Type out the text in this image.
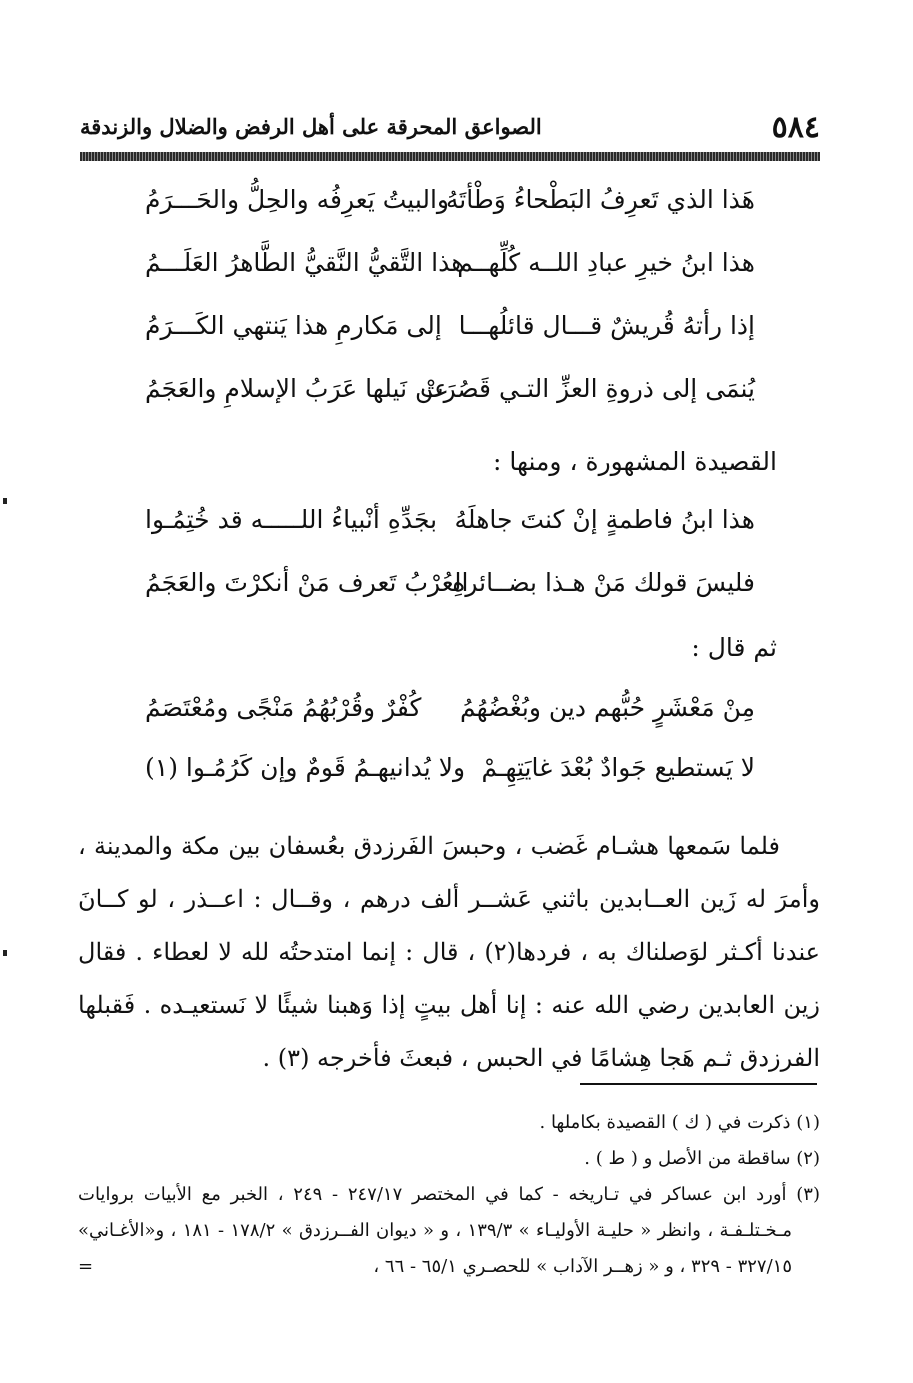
٥٨٤
الصواعق المحرقة على أهل الرفض والضلال والزندقة
هَذا الذي تَعرِفُ البَطْحاءُ وَطْأتَهُ
والبيتُ يَعرِفُه والحِلُّ والحَـــرَمُ
هذا ابنُ خيرِ عبادِ اللــه كُلِّهــم
هذا التَّقيُّ النَّقيُّ الطَّاهرُ العَلَـــمُ
إذا رأتهُ قُريشٌ قـــال قائلُهـــا
إلى مَكارمِ هذا يَنتهي الكَـــرَمُ
يُنمَى إلى ذروةِ العزِّ التـي قَصُرَتْ
عن نَيلها عَرَبُ الإسلامِ والعَجَمُ
القصيدة المشهورة ، ومنها :
هذا ابنُ فاطمةٍ إنْ كنتَ جاهلَهُ
بجَدِّهِ أنْبياءُ اللـــــه قد خُتِمُـوا
فليسَ قولك مَنْ هـذا بضــائرهِ
العُرْبُ تَعرف مَنْ أنكرْتَ والعَجَمُ
ثم قال :
مِنْ مَعْشَرٍ حُبُّهم دين وبُغْضُهُمُ
كُفْرٌ وقُرْبُهُمُ مَنْجًى ومُعْتَصَمُ
لا يَستطيع جَوادٌ بُعْدَ غايَتِهِـمْ
ولا يُدانيهـمُ قَومٌ وإن كَرُمُـوا (١)

فلما سَمعها هشـام غَضب ، وحبسَ الفَرزدق بعُسفان بين مكة والمدينة ، وأمرَ له زَين العــابدين باثني عَشــر ألف درهم ، وقــال : اعــذر ، لو كــانَ عندنا أكـثر لوَصلناك به ، فردها(٢) ، قال : إنما امتدحتُه لله لا لعطاء . فقال زين العابدين رضي الله عنه : إنا أهل بيتٍ إذا وَهبنا شيئًا لا نَستعيـده . فَقبلها الفرزدق ثـم هَجا هِشامًا في الحبس ، فبعثَ فأخرجه (٣) .

(١) ذكرت في ( ك ) القصيدة بكاملها .

(٢) ساقطة من الأصل و ( ط ) .

(٣) أورد ابن عساكر في تـاريخه - كما في المختصر ٢٤٧/١٧ - ٢٤٩ ، الخبر مع الأبيات بروايات مـخـتلـفـة ، وانظر « حليـة الأوليـاء » ١٣٩/٣ ، و « ديوان الفــرزدق » ١٧٨/٢ - ١٨١ ، و«الأغـاني» ٣٢٧/١٥ - ٣٢٩ ، و « زهــر الآداب » للحصـري ٦٥/١ - ٦٦ ،

=
